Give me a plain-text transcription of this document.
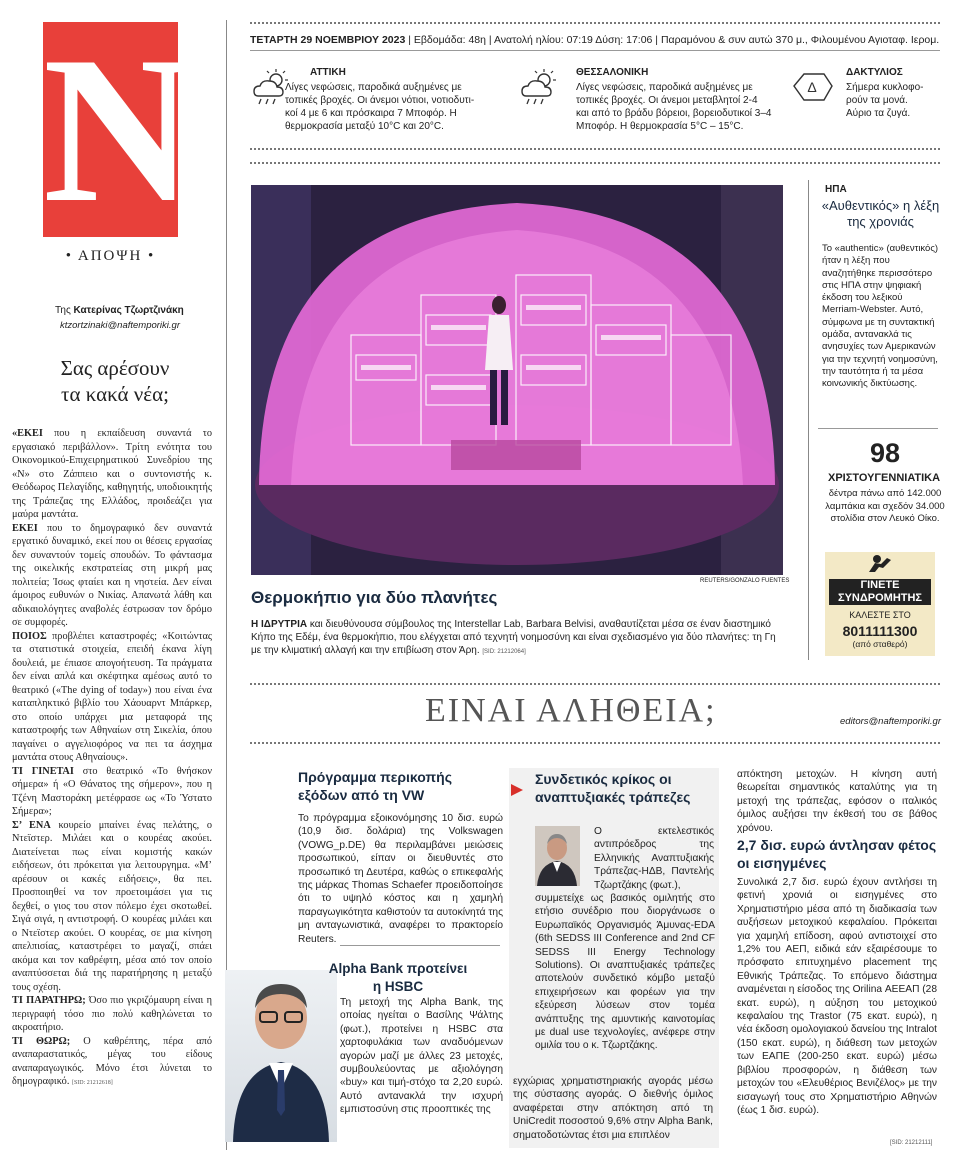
N
• ΑΠΟΨΗ •
Της Κατερίνας Τζωρτζινάκη
ktzortzinaki@naftemporiki.gr
Σας αρέσουν
τα κακά νέα;

«ΕΚΕΙ που η εκπαίδευση συναντά το εργασιακό περιβάλλον». Τρίτη ενότητα του Οικονομικού-Επιχειρηματικού Συνεδρίου της «Ν» στο Ζάππειο και ο συντονιστής κ. Θεόδωρος Πελαγίδης, καθηγητής, υποδιοικητής της Τράπεζας της Ελλάδος, προιδεάζει για μαύρα μαντάτα.

ΕΚΕΙ που το δημογραφικό δεν συναντά εργατικό δυναμικό, εκεί που οι θέσεις εργασίας δεν συναντούν τομείς σπουδών. Το φάντασμα της οικελικής εκστρατείας στη μικρή μας πολιτεία; Ίσως φταίει και η νηστεία. Δεν είναι άμοιρος ευθυνών ο Νικίας. Απανωτά λάθη και αδικαιολόγητες αναβολές έστρωσαν τον δρόμο σε συμφορές.

ΠΟΙΟΣ προβλέπει καταστροφές; «Κοιτώντας τα στατιστικά στοιχεία, επειδή έκανα λίγη δουλειά, με έπιασε απογοήτευση. Τα πράγματα δεν είναι απλά και σκέφτηκα αμέσως αυτό το θεατρικό («The dying of today») που είναι ένα καταπληκτικό βιβλίο του Χάουαρντ Μπάρκερ, στο οποίο υπάρχει μια μεταφορά της καταστροφής των Αθηναίων στη Σικελία, όπου παγαίνει ο αγγελιοφόρος να πει τα άσχημα μαντάτα στους Αθηναίους».

ΤΙ ΓΙΝΕΤΑΙ στο θεατρικό «Το θνήσκον σήμερα» ή «Ο Θάνατος της σήμερον», που η Τζένη Μαστοράκη μετέφρασε ως «Το Ύστατο Σήμερα»;

Σ’ ΕΝΑ κουρείο μπαίνει ένας πελάτης, ο Ντεϊστερ. Μιλάει και ο κουρέας ακούει. Διατείνεται πως είναι κομιστής κακών ειδήσεων, ότι πρόκειται για λειτουργημα. «Μ’ αρέσουν οι κακές ειδήσεις», θα πει. Προσποιηθεί να τον προετοιμάσει για τις δεχθεί, ο γιος του στον πόλεμο έχει σκοτωθεί. Σιγά σιγά, η αντιστροφή. Ο κουρέας μιλάει και ο Ντεϊστερ ακούει. Ο κουρέας, σε μια κίνηση απελπισίας, καταστρέφει το μαγαζί, σπάει ακόμα και τον καθρέφτη, μέσα από τον οποίο αναπτύσσεται διά της παρατήρησης η μεταξύ τους σχέση.

ΤΙ ΠΑΡΑΤΗΡΩ; Όσο πιο γκριζόμαυρη είναι η περιγραφή τόσο πιο πολύ καθηλώνεται το ακροατήριο.

ΤΙ ΘΩΡΩ; Ο καθρέπτης, πέρα από αναπαραστατικός, μέγας του είδους αναπαραγωγικός. Μόνο έτσι λύνεται το δημογραφικό. [SID: 21212618]

ΤΕΤΑΡΤΗ 29 ΝΟΕΜΒΡΙΟΥ 2023 | Εβδομάδα: 48η | Ανατολή ηλίου: 07:19 Δύση: 17:06 | Παραμόνου & συν αυτώ 370 μ., Φιλουμένου Αγιοταφ. Ιερομ.
ΑΤΤΙΚΗ
Λίγες νεφώσεις, παροδικά αυξημένες με
τοπικές βροχές. Οι άνεμοι νότιοι, νοτιοδυτι-
κοί 4 με 6 και πρόσκαιρα 7 Μποφόρ. Η
θερμοκρασία μεταξύ 10°C και 20°C.
ΘΕΣΣΑΛΟΝΙΚΗ
Λίγες νεφώσεις, παροδικά αυξημένες με
τοπικές βροχές. Οι άνεμοι μεταβλητοί 2-4
και από το βράδυ βόρειοι, βορειοδυτικοί 3–4
Μποφόρ. Η θερμοκρασία 5°C – 15°C.
Δ
ΔΑΚΤΥΛΙΟΣ
Σήμερα κυκλοφο-
ρούν τα μονά.
Αύριο τα ζυγά.
REUTERS/GONZALO FUENTES
Θερμοκήπιο για δύο πλανήτες
Η ΙΔΡΥΤΡΙΑ και διευθύνουσα σύμβουλος της Interstellar Lab, Barbara Belvisi, αναθαυτίζεται μέσα σε έναν διαστημικό Κήπο της Εδέμ, ένα θερμοκήπιο, που ελέγχεται από τεχνητή νοημοσύνη και είναι σχεδιασμένο για δύο πλανήτες: τη Γη με την κλιματική αλλαγή και την επιβίωση στον Άρη. [SID: 21212064]
ΗΠΑ
«Αυθεντικός» η λέξη της χρονιάς
Το «authentic» (αυθεντικός) ήταν η λέξη που αναζητήθηκε περισσότερο στις ΗΠΑ στην ψηφιακή έκδοση του λεξικού Merriam-Webster. Αυτό, σύμφωνα με τη συντακτική ομάδα, αντανακλά τις ανησυχίες των Αμερικανών για την τεχνητή νοημοσύνη, την ταυτότητα ή τα μέσα κοινωνικής δικτύωσης.
98
ΧΡΙΣΤΟΥΓΕΝΝΙΑΤΙΚΑ
δέντρα πάνω από 142.000 λαμπάκια και σχεδόν 34.000 στολίδια στον Λευκό Οίκο.
ΓΙΝΕΤΕ
ΣΥΝΔΡΟΜΗΤΗΣ
ΚΑΛΕΣΤΕ ΣΤΟ
8011111300
(από σταθερό)
ΕΙΝΑΙ ΑΛΗΘΕΙΑ;	editors@naftemporiki.gr
Πρόγραμμα περικοπής εξόδων από τη VW
Το πρόγραμμα εξοικονόμησης 10 δισ. ευρώ (10,9 δισ. δολάρια) της Volkswagen (VOWG_p.DE) θα περιλαμβάνει μειώσεις προσωπικού, είπαν οι διευθυντές στο προσωπικό τη Δευτέρα, καθώς ο επικεφαλής της μάρκας Thomas Schaefer προειδοποίησε ότι το υψηλό κόστος και η χαμηλή παραγωγικότητα καθιστούν τα αυτοκίνητά της μη ανταγωνιστικά, αναφέρει το πρακτορείο Reuters.
Alpha Bank προτείνει η HSBC
Τη μετοχή της Alpha Bank, της οποίας ηγείται ο Βασίλης Ψάλτης (φωτ.), προτείνει η HSBC στα χαρτοφυλάκια των αναδυόμενων αγορών μαζί με άλλες 23 μετοχές, συμβουλεύοντας με αξιολόγηση «buy» και τιμή-στόχο τα 2,20 ευρώ. Αυτό αντανακλά την ισχυρή εμπιστοσύνη στις προοπτικές της
Συνδετικός κρίκος οι αναπτυξιακές τράπεζες
Ο εκτελεστικός αντιπρόεδρος της Ελληνικής Αναπτυξιακής Τράπεζας-ΗΔΒ, Παντελής Τζωρτζάκης (φωτ.),
συμμετείχε ως βασικός ομιλητής στο ετήσιο συνέδριο που διοργάνωσε ο Ευρωπαϊκός Οργανισμός Άμυνας-EDA (6th SEDSS III Conference and 2nd CF SEDSS III Energy Technology Solutions). Οι αναπτυξιακές τράπεζες αποτελούν συνδετικό κόμβο μεταξύ επιχειρήσεων και φορέων για την εξεύρεση λύσεων στον τομέα ανάπτυξης της αμυντικής καινοτομίας με dual use τεχνολογίες, ανέφερε στην ομιλία του ο κ. Τζωρτζάκης.
εγχώριας χρηματιστηριακής αγοράς μέσω της σύστασης αγοράς. Ο διεθνής όμιλος αναφέρεται στην απόκτηση από τη UniCredit ποσοστού 9,6% στην Alpha Bank, σηματοδοτώντας έτσι μια επιπλέον
απόκτηση μετοχών. Η κίνηση αυτή θεωρείται σημαντικός καταλύτης για τη μετοχή της τράπεζας, εφόσον ο ιταλικός όμιλος αυξήσει την έκθεσή του σε βάθος χρόνου.
2,7 δισ. ευρώ άντλησαν φέτος οι εισηγμένες
Συνολικά 2,7 δισ. ευρώ έχουν αντλήσει τη φετινή χρονιά οι εισηγμένες στο Χρηματιστήριο μέσα από τη διαδικασία των αυξήσεων μετοχικού κεφαλαίου. Πρόκειται για χαμηλή επίδοση, αφού αντιστοιχεί στο 1,2% του ΑΕΠ, ειδικά εάν εξαιρέσουμε το πρόσφατο επιτυχημένο placement της Εθνικής Τράπεζας. Το επόμενο διάστημα αναμένεται η είσοδος της Orilina ΑΕΕΑΠ (28 εκατ. ευρώ), η αύξηση του μετοχικού κεφαλαίου της Trastor (75 εκατ. ευρώ), η νέα έκδοση ομολογιακού δανείου της Intralot (150 εκατ. ευρώ), η διάθεση των μετοχών των ΕΑΠΕ (200-250 εκατ. ευρώ) μέσω βιβλίου προσφορών, η διάθεση των μετοχών του «Ελευθέριος Βενιζέλος» με την εισαγωγή τους στο Χρηματιστήριο Αθηνών (έως 1 δισ. ευρώ).
[SID: 21212111]
